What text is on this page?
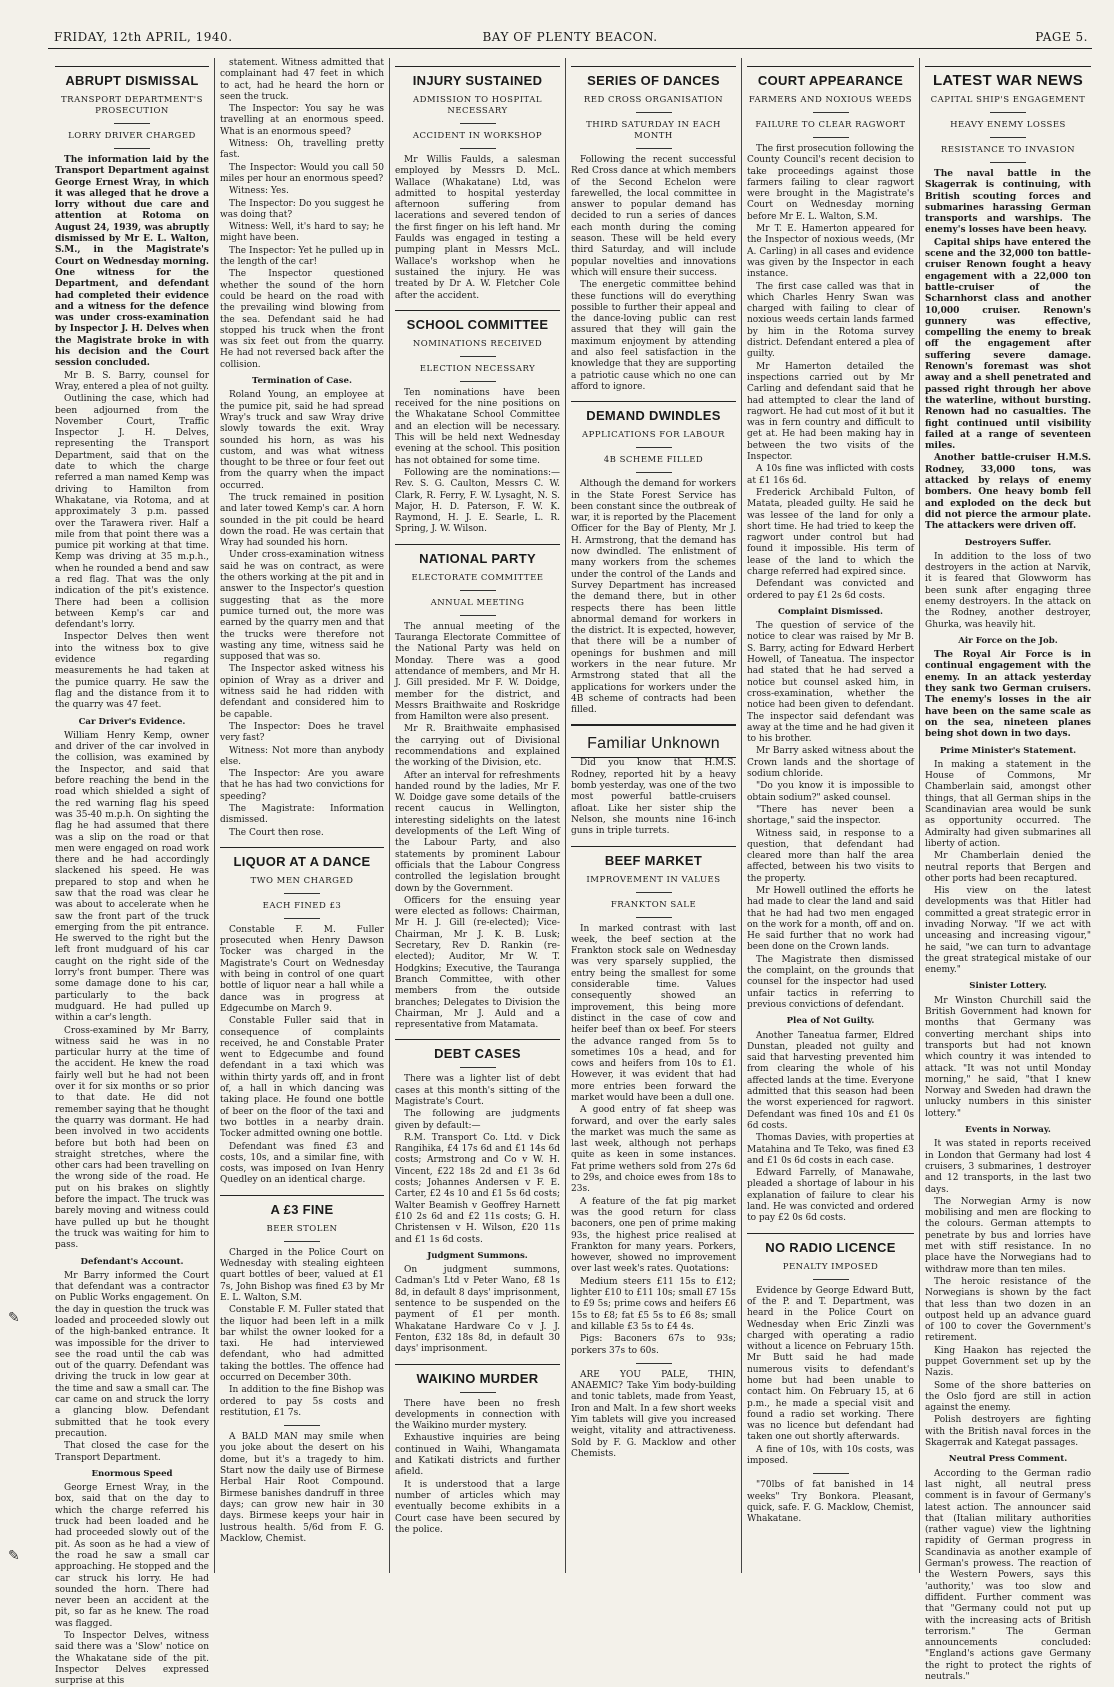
FRIDAY, 12th APRIL, 1940.	BAY OF PLENTY BEACON.	PAGE 5.
ABRUPT DISMISSAL
TRANSPORT DEPARTMENT'S PROSECUTION
LORRY DRIVER CHARGED

The information laid by the Transport Department against George Ernest Wray, in which it was alleged that he drove a lorry without due care and attention at Rotoma on August 24, 1939, was abruptly dismissed by Mr E. L. Walton, S.M., in the Magistrate's Court on Wednesday morning. One witness for the Department, and defendant had completed their evidence and a witness for the defence was under cross-examination by Inspector J. H. Delves when the Magistrate broke in with his decision and the Court session concluded.

Mr B. S. Barry, counsel for Wray, entered a plea of not guilty.

Outlining the case, which had been adjourned from the November Court, Traffic Inspector J. H. Delves, representing the Transport Department, said that on the date to which the charge referred a man named Kemp was driving to Hamilton from Whakatane, via Rotoma, and at approximately 3 p.m. passed over the Tarawera river. Half a mile from that point there was a pumice pit working at that time. Kemp was driving at 35 m.p.h., when he rounded a bend and saw a red flag. That was the only indication of the pit's existence. There had been a collision between Kemp's car and defendant's lorry.

Inspector Delves then went into the witness box to give evidence regarding measurements he had taken at the pumice quarry. He saw the flag and the distance from it to the quarry was 47 feet.

Car Driver's Evidence.

William Henry Kemp, owner and driver of the car involved in the collision, was examined by the Inspector, and said that before reaching the bend in the road which shielded a sight of the red warning flag his speed was 35-40 m.p.h. On sighting the flag he had assumed that there was a slip on the road or that men were engaged on road work there and he had accordingly slackened his speed. He was prepared to stop and when he saw that the road was clear he was about to accelerate when he saw the front part of the truck emerging from the pit entrance. He swerved to the right but the left front mudguard of his car caught on the right side of the lorry's front bumper. There was some damage done to his car, particularly to the back mudguard. He had pulled up within a car's length.

Cross-examined by Mr Barry, witness said he was in no particular hurry at the time of the accident. He knew the road fairly well but he had not been over it for six months or so prior to that date. He did not remember saying that he thought the quarry was dormant. He had been involved in two accidents before but both had been on straight stretches, where the other cars had been travelling on the wrong side of the road. He put on his brakes on slightly before the impact. The truck was barely moving and witness could have pulled up but he thought the truck was waiting for him to pass.

Defendant's Account.

Mr Barry informed the Court that defendant was a contractor on Public Works engagement. On the day in question the truck was loaded and proceeded slowly out of the high-banked entrance. It was impossible for the driver to see the road until the cab was out of the quarry. Defendant was driving the truck in low gear at the time and saw a small car. The car came on and struck the lorry a glancing blow. Defendant submitted that he took every precaution.

That closed the case for the Transport Department.

Enormous Speed

George Ernest Wray, in the box, said that on the day to which the charge referred his truck had been loaded and he had proceeded slowly out of the pit. As soon as he had a view of the road he saw a small car approaching. He stopped and the car struck his lorry. He had sounded the horn. There had never been an accident at the pit, so far as he knew. The road was flagged.

To Inspector Delves, witness said there was a 'Slow' notice on the Whakatane side of the pit. Inspector Delves expressed surprise at this

statement. Witness admitted that complainant had 47 feet in which to act, had he heard the horn or seen the truck.

The Inspector: You say he was travelling at an enormous speed. What is an enormous speed?

Witness: Oh, travelling pretty fast.

The Inspector: Would you call 50 miles per hour an enormous speed?

Witness: Yes.

The Inspector: Do you suggest he was doing that?

Witness: Well, it's hard to say; he might have been.

The Inspector: Yet he pulled up in the length of the car!

The Inspector questioned whether the sound of the horn could be heard on the road with the prevailing wind blowing from the sea. Defendant said he had stopped his truck when the front was six feet out from the quarry. He had not reversed back after the collision.

Termination of Case.

Roland Young, an employee at the pumice pit, said he had spread Wray's truck and saw Wray drive slowly towards the exit. Wray sounded his horn, as was his custom, and was what witness thought to be three or four feet out from the quarry when the impact occurred.

The truck remained in position and later towed Kemp's car. A horn sounded in the pit could be heard down the road. He was certain that Wray had sounded his horn.

Under cross-examination witness said he was on contract, as were the others working at the pit and in answer to the Inspector's question suggesting that as the more pumice turned out, the more was earned by the quarry men and that the trucks were therefore not wasting any time, witness said he supposed that was so.

The Inspector asked witness his opinion of Wray as a driver and witness said he had ridden with defendant and considered him to be capable.

The Inspector: Does he travel very fast?

Witness: Not more than anybody else.

The Inspector: Are you aware that he has had two convictions for speeding?

The Magistrate: Information dismissed.

The Court then rose.

LIQUOR AT A DANCE
TWO MEN CHARGED
EACH FINED £3

Constable F. M. Fuller prosecuted when Henry Dawson Tocker was charged in the Magistrate's Court on Wednesday with being in control of one quart bottle of liquor near a hall while a dance was in progress at Edgecumbe on March 9.

Constable Fuller said that in consequence of complaints received, he and Constable Prater went to Edgecumbe and found defendant in a taxi which was within thirty yards off, and in front of, a hall in which dancing was taking place. He found one bottle of beer on the floor of the taxi and two bottles in a nearby drain. Tocker admitted owning one bottle.

Defendant was fined £3 and costs, 10s, and a similar fine, with costs, was imposed on Ivan Henry Quedley on an identical charge.

A £3 FINE
BEER STOLEN

Charged in the Police Court on Wednesday with stealing eighteen quart bottles of beer, valued at £1 7s, John Bishop was fined £3 by Mr E. L. Walton, S.M.

Constable F. M. Fuller stated that the liquor had been left in a milk bar whilst the owner looked for a taxi. He had interviewed defendant, who had admitted taking the bottles. The offence had occurred on December 30th.

In addition to the fine Bishop was ordered to pay 5s costs and restitution, £1 7s.

A BALD MAN may smile when you joke about the desert on his dome, but it's a tragedy to him. Start now the daily use of Birmese Herbal Hair Root Compound. Birmese banishes dandruff in three days; can grow new hair in 30 days. Birmese keeps your hair in lustrous health. 5/6d from F. G. Macklow, Chemist.

INJURY SUSTAINED
ADMISSION TO HOSPITAL NECESSARY
ACCIDENT IN WORKSHOP

Mr Willis Faulds, a salesman employed by Messrs D. McL. Wallace (Whakatane) Ltd, was admitted to hospital yesterday afternoon suffering from lacerations and severed tendon of the first finger on his left hand. Mr Faulds was engaged in testing a pumping plant in Messrs McL. Wallace's workshop when he sustained the injury. He was treated by Dr A. W. Fletcher Cole after the accident.

SCHOOL COMMITTEE
NOMINATIONS RECEIVED
ELECTION NECESSARY

Ten nominations have been received for the nine positions on the Whakatane School Committee and an election will be necessary. This will be held next Wednesday evening at the school. This position has not obtained for some time.

Following are the nominations:— Rev. S. G. Caulton, Messrs C. W. Clark, R. Ferry, F. W. Lysaght, N. S. Major, H. D. Paterson, F. W. K. Raymond, H. J. E. Searle, L. R. Spring, J. W. Wilson.

NATIONAL PARTY
ELECTORATE COMMITTEE
ANNUAL MEETING

The annual meeting of the Tauranga Electorate Committee of the National Party was held on Monday. There was a good attendance of members, and Mr H. J. Gill presided. Mr F. W. Doidge, member for the district, and Messrs Braithwaite and Roskridge from Hamilton were also present.

Mr R. Braithwaite emphasised the carrying out of Divisional recommendations and explained the working of the Division, etc.

After an interval for refreshments handed round by the ladies, Mr F. W. Doidge gave some details of the recent caucus in Wellington, interesting sidelights on the latest developments of the Left Wing of the Labour Party, and also statements by prominent Labour officials that the Labour Congress controlled the legislation brought down by the Government.

Officers for the ensuing year were elected as follows: Chairman, Mr H. J. Gill (re-elected); Vice-Chairman, Mr J. K. B. Lusk; Secretary, Rev D. Rankin (re-elected); Auditor, Mr W. T. Hodgkins; Executive, the Tauranga Branch Committee, with other members from the outside branches; Delegates to Division the Chairman, Mr J. Auld and a representative from Matamata.

DEBT CASES

There was a lighter list of debt cases at this month's sitting of the Magistrate's Court.

The following are judgments given by default:—

R.M. Transport Co. Ltd. v Dick Rangihika, £4 17s 6d and £1 14s 6d costs; Armstrong and Co v W. H. Vincent, £22 18s 2d and £1 3s 6d costs; Johannes Andersen v F. E. Carter, £2 4s 10 and £1 5s 6d costs; Walter Beamish v Geoffrey Harnett £10 2s 6d and £2 11s costs; G. H. Christensen v H. Wilson, £20 11s and £1 1s 6d costs.

Judgment Summons.

On judgment summons, Cadman's Ltd v Peter Wano, £8 1s 8d, in default 8 days' imprisonment, sentence to be suspended on the payment of £1 per month. Whakatane Hardware Co v J. J. Fenton, £32 18s 8d, in default 30 days' imprisonment.

WAIKINO MURDER

There have been no fresh developments in connection with the Waikino murder mystery.

Exhaustive inquiries are being continued in Waihi, Whangamata and Katikati districts and further afield.

It is understood that a large number of articles which may eventually become exhibits in a Court case have been secured by the police.

SERIES OF DANCES
RED CROSS ORGANISATION
THIRD SATURDAY IN EACH MONTH

Following the recent successful Red Cross dance at which members of the Second Echelon were farewelled, the local committee in answer to popular demand has decided to run a series of dances each month during the coming season. These will be held every third Saturday, and will include popular novelties and innovations which will ensure their success.

The energetic committee behind these functions will do everything possible to further their appeal and the dance-loving public can rest assured that they will gain the maximum enjoyment by attending and also feel satisfaction in the knowledge that they are supporting a patriotic cause which no one can afford to ignore.

DEMAND DWINDLES
APPLICATIONS FOR LABOUR
4B SCHEME FILLED

Although the demand for workers in the State Forest Service has been constant since the outbreak of war, it is reported by the Placement Officer for the Bay of Plenty, Mr J. H. Armstrong, that the demand has now dwindled. The enlistment of many workers from the schemes under the control of the Lands and Survey Department has increased the demand there, but in other respects there has been little abnormal demand for workers in the district. It is expected, however, that there will be a number of openings for bushmen and mill workers in the near future. Mr Armstrong stated that all the applications for workers under the 4B scheme of contracts had been filled.

Familiar Unknown

Did you know that H.M.S. Rodney, reported hit by a heavy bomb yesterday, was one of the two most powerful battle-cruisers afloat. Like her sister ship the Nelson, she mounts nine 16-inch guns in triple turrets.

BEEF MARKET
IMPROVEMENT IN VALUES
FRANKTON SALE

In marked contrast with last week, the beef section at the Frankton stock sale on Wednesday was very sparsely supplied, the entry being the smallest for some considerable time. Values consequently showed an improvement, this being more distinct in the case of cow and heifer beef than ox beef. For steers the advance ranged from 5s to sometimes 10s a head, and for cows and heifers from 10s to £1. However, it was evident that had more entries been forward the market would have been a dull one.

A good entry of fat sheep was forward, and over the early sales the market was much the same as last week, although not perhaps quite as keen in some instances. Fat prime wethers sold from 27s 6d to 29s, and choice ewes from 18s to 23s.

A feature of the fat pig market was the good return for class baconers, one pen of prime making 93s, the highest price realised at Frankton for many years. Porkers, however, showed no improvement over last week's rates. Quotations:

Medium steers £11 15s to £12; lighter £10 to £11 10s; small £7 15s to £9 5s; prime cows and heifers £6 15s to £8; fat £5 5s to £6 8s; small and killable £3 5s to £4 4s.

Pigs: Baconers 67s to 93s; porkers 37s to 60s.

ARE YOU PALE, THIN, ANAEMIC? Take Yim body-building and tonic tablets, made from Yeast, Iron and Malt. In a few short weeks Yim tablets will give you increased weight, vitality and attractiveness. Sold by F. G. Macklow and other Chemists.

COURT APPEARANCE
FARMERS AND NOXIOUS WEEDS
FAILURE TO CLEAR RAGWORT

The first prosecution following the County Council's recent decision to take proceedings against those farmers failing to clear ragwort were brought in the Magistrate's Court on Wednesday morning before Mr E. L. Walton, S.M.

Mr T. E. Hamerton appeared for the Inspector of noxious weeds, (Mr A. Carling) in all cases and evidence was given by the Inspector in each instance.

The first case called was that in which Charles Henry Swan was charged with failing to clear of noxious weeds certain lands farmed by him in the Rotoma survey district. Defendant entered a plea of guilty.

Mr Hamerton detailed the inspections carried out by Mr Carling and defendant said that he had attempted to clear the land of ragwort. He had cut most of it but it was in fern country and difficult to get at. He had been making hay in between the two visits of the Inspector.

A 10s fine was inflicted with costs at £1 16s 6d.

Frederick Archibald Fulton, of Matata, pleaded guilty. He said he was lessee of the land for only a short time. He had tried to keep the ragwort under control but had found it impossible. His term of lease of the land to which the charge referred had expired since.

Defendant was convicted and ordered to pay £1 2s 6d costs.

Complaint Dismissed.

The question of service of the notice to clear was raised by Mr B. S. Barry, acting for Edward Herbert Howell, of Taneatua. The inspector had stated that he had served a notice but counsel asked him, in cross-examination, whether the notice had been given to defendant. The inspector said defendant was away at the time and he had given it to his brother.

Mr Barry asked witness about the Crown lands and the shortage of sodium chloride.

"Do you know it is impossible to obtain sodium?" asked counsel.

"There has never been a shortage," said the inspector.

Witness said, in response to a question, that defendant had cleared more than half the area affected, between his two visits to the property.

Mr Howell outlined the efforts he had made to clear the land and said that he had had two men engaged on the work for a month, off and on. He said further that no work had been done on the Crown lands.

The Magistrate then dismissed the complaint, on the grounds that counsel for the inspector had used unfair tactics in referring to previous convictions of defendant.

Plea of Not Guilty.

Another Taneatua farmer, Eldred Dunstan, pleaded not guilty and said that harvesting prevented him from clearing the whole of his affected lands at the time. Everyone admitted that this season had been the worst experienced for ragwort. Defendant was fined 10s and £1 0s 6d costs.

Thomas Davies, with properties at Matahina and Te Teko, was fined £3 and £1 0s 6d costs in each case.

Edward Farrelly, of Manawahe, pleaded a shortage of labour in his explanation of failure to clear his land. He was convicted and ordered to pay £2 0s 6d costs.

NO RADIO LICENCE
PENALTY IMPOSED

Evidence by George Edward Butt, of the P. and T. Department, was heard in the Police Court on Wednesday when Eric Zinzli was charged with operating a radio without a licence on February 15th. Mr Butt said he had made numerous visits to defendant's home but had been unable to contact him. On February 15, at 6 p.m., he made a special visit and found a radio set working. There was no licence but defendant had taken one out shortly afterwards.

A fine of 10s, with 10s costs, was imposed.

"70lbs of fat banished in 14 weeks" Try Bonkora. Pleasant, quick, safe. F. G. Macklow, Chemist, Whakatane.

LATEST WAR NEWS
CAPITAL SHIP'S ENGAGEMENT
HEAVY ENEMY LOSSES
RESISTANCE TO INVASION

The naval battle in the Skagerrak is continuing, with British scouting forces and submarines harassing German transports and warships. The enemy's losses have been heavy.

Capital ships have entered the scene and the 32,000 ton battle-cruiser Renown fought a heavy engagement with a 22,000 ton battle-cruiser of the Scharnhorst class and another 10,000 cruiser. Renown's gunnery was effective, compelling the enemy to break off the engagement after suffering severe damage. Renown's foremast was shot away and a shell penetrated and passed right through her above the waterline, without bursting. Renown had no casualties. The fight continued until visibility failed at a range of seventeen miles.

Another battle-cruiser H.M.S. Rodney, 33,000 tons, was attacked by relays of enemy bombers. One heavy bomb fell and exploded on the deck but did not pierce the armour plate. The attackers were driven off.

Destroyers Suffer.

In addition to the loss of two destroyers in the action at Narvik, it is feared that Glowworm has been sunk after engaging three enemy destroyers. In the attack on the Rodney, another destroyer, Ghurka, was heavily hit.

Air Force on the Job.

The Royal Air Force is in continual engagement with the enemy. In an attack yesterday they sank two German cruisers. The enemy's losses in the air have been on the same scale as on the sea, nineteen planes being shot down in two days.

Prime Minister's Statement.

In making a statement in the House of Commons, Mr Chamberlain said, amongst other things, that all German ships in the Scandinavian area would be sunk as opportunity occurred. The Admiralty had given submarines all liberty of action.

Mr Chamberlain denied the neutral reports that Bergen and other ports had been recaptured.

His view on the latest developments was that Hitler had committed a great strategic error in invading Norway. "If we act with unceasing and increasing vigour," he said, "we can turn to advantage the great strategical mistake of our enemy."

Sinister Lottery.

Mr Winston Churchill said the British Government had known for months that Germany was converting merchant ships into transports but had not known which country it was intended to attack. "It was not until Monday morning," he said, "that I knew Norway and Sweden had drawn the unlucky numbers in this sinister lottery."

Events in Norway.

It was stated in reports received in London that Germany had lost 4 cruisers, 3 submarines, 1 destroyer and 12 transports, in the last two days.

The Norwegian Army is now mobilising and men are flocking to the colours. German attempts to penetrate by bus and lorries have met with stiff resistance. In no place have the Norwegians had to withdraw more than ten miles.

The heroic resistance of the Norwegians is shown by the fact that less than two dozen in an outpost held up an advance guard of 100 to cover the Government's retirement.

King Haakon has rejected the puppet Government set up by the Nazis.

Some of the shore batteries on the Oslo fjord are still in action against the enemy.

Polish destroyers are fighting with the British naval forces in the Skagerrak and Kategat passages.

Neutral Press Comment.

According to the German radio last night, all neutral press comment is in favour of Germany's latest action. The announcer said that (Italian military authorities (rather vague) view the lightning rapidity of German progress in Scandinavia as another example of German's prowess. The reaction of the Western Powers, says this 'authority,' was too slow and diffident. Further comment was that "Germany could not put up with the increasing acts of British terrorism." The German announcements concluded: "England's actions gave Germany the right to protect the rights of neutrals."

✎
✎
